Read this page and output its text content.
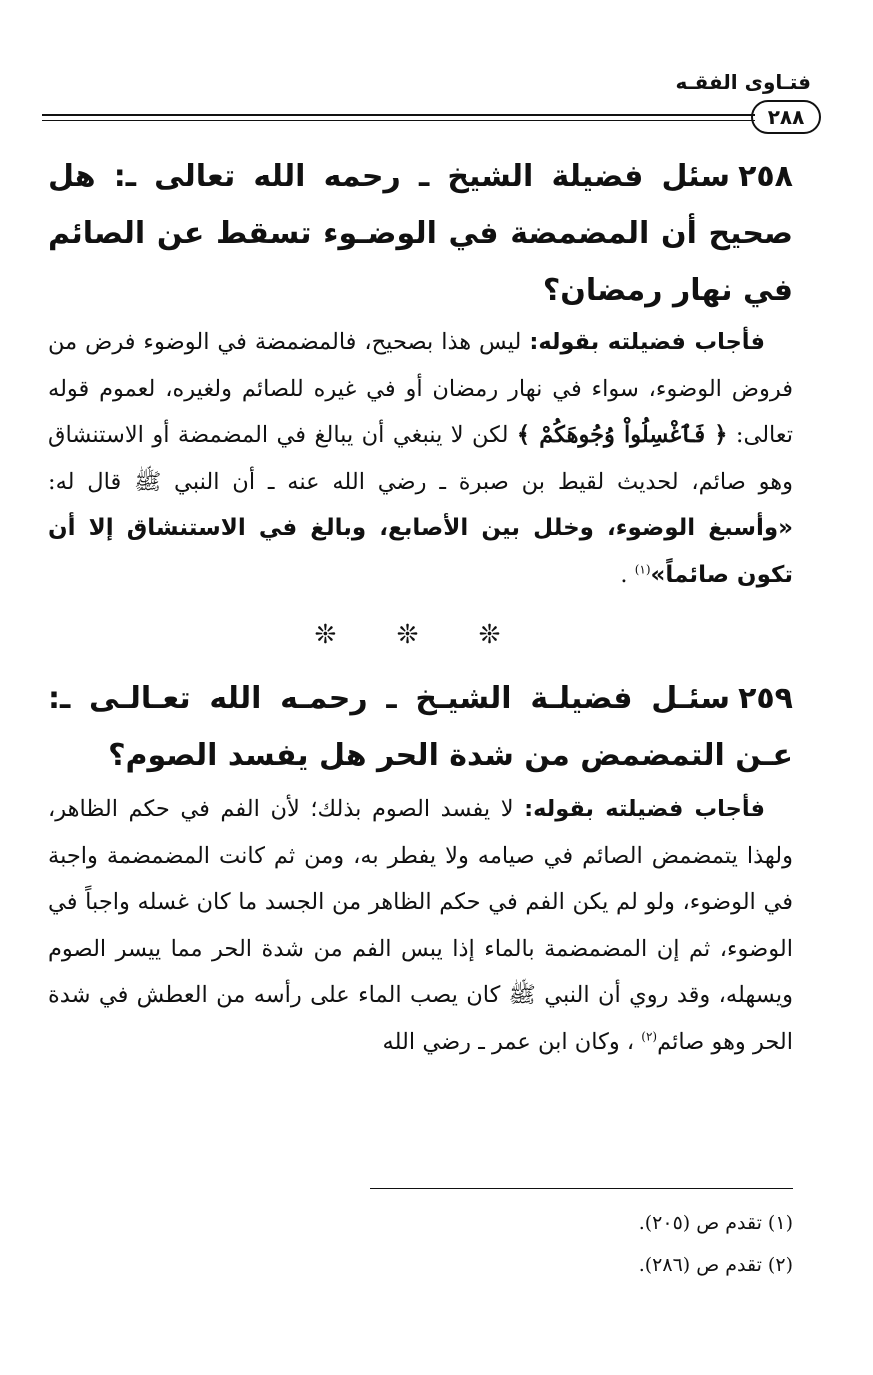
فتـاوى الفقـه
٢٨٨

٢٥٨سئل فضيلة الشيخ ـ رحمه الله تعالى ـ: هل صحيح أن المضمضة في الوضـوء تسقط عن الصائم في نهار رمضان؟

فأجاب فضيلته بقوله: ليس هذا بصحيح، فالمضمضة في الوضوء فرض من فروض الوضوء، سواء في نهار رمضان أو في غيره للصائم ولغيره، لعموم قوله تعالى: ﴿ فَٱغْسِلُواْ وُجُوهَكُمْ ﴾ لكن لا ينبغي أن يبالغ في المضمضة أو الاستنشاق وهو صائم، لحديث لقيط بن صبرة ـ رضي الله عنه ـ أن النبي ﷺ قال له: «وأسبغ الوضوء، وخلل بين الأصابع، وبالغ في الاستنشاق إلا أن تكون صائماً»$^{(١)}$ .

❊ ❊ ❊

٢٥٩سئـل فضيلـة الشيـخ ـ رحمـه الله تعـالـى ـ: عـن التمضمض من شدة الحر هل يفسد الصوم؟

فأجاب فضيلته بقوله: لا يفسد الصوم بذلك؛ لأن الفم في حكم الظاهر، ولهذا يتمضمض الصائم في صيامه ولا يفطر به، ومن ثم كانت المضمضمة واجبة في الوضوء، ولو لم يكن الفم في حكم الظاهر من الجسد ما كان غسله واجباً في الوضوء، ثم إن المضمضمة بالماء إذا يبس الفم من شدة الحر مما ييسر الصوم ويسهله، وقد روي أن النبي ﷺ كان يصب الماء على رأسه من العطش في شدة الحر وهو صائم$^{(٢)}$ ، وكان ابن عمر ـ رضي الله

(١) تقدم ص (٢٠٥).

(٢) تقدم ص (٢٨٦).
